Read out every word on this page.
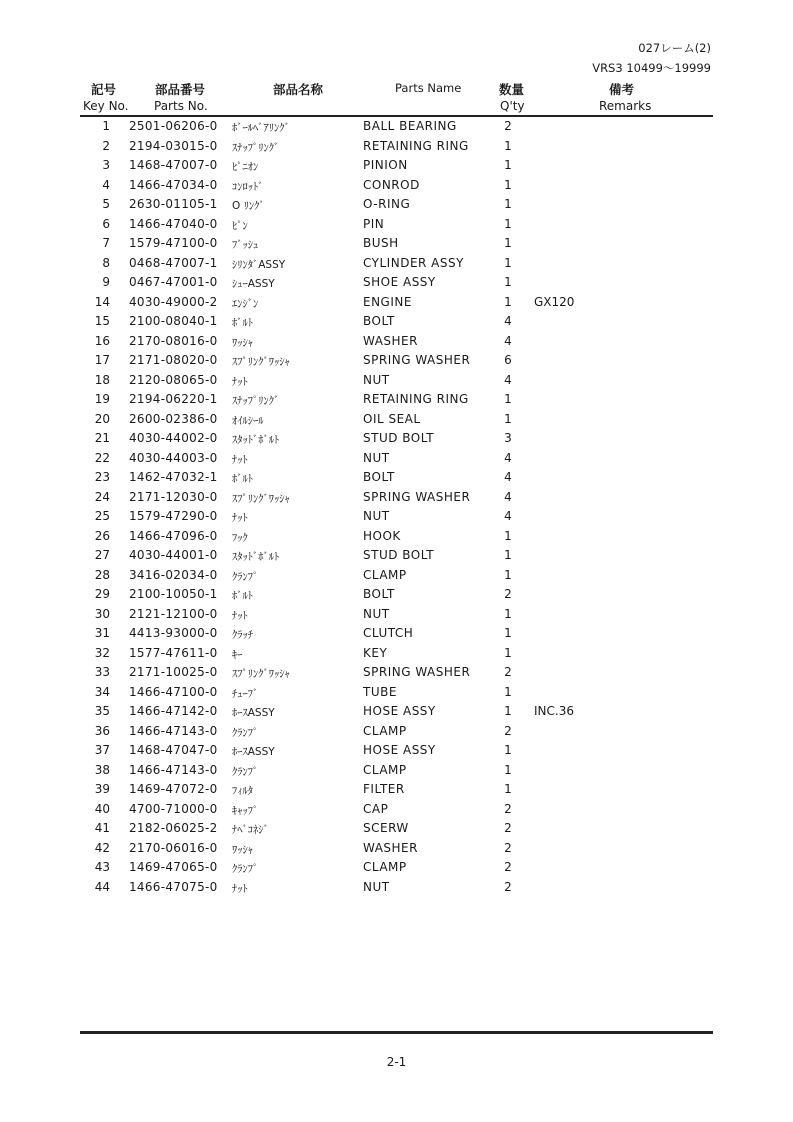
027レーム(2)
VRS3 10499～19999
記号	部品番号	部品名称	Parts Name	数量	備考
Key No. Parts No.	Q'ty	Remarks
1 2501-06206-0 ﾎﾞｰﾙﾍﾞｱﾘﾝｸﾞ	BALL BEARING	2
2 2194-03015-0 ｽﾅｯﾌﾟﾘﾝｸﾞ	RETAINING RING	1
3 1468-47007-0 ﾋﾟﾆｵﾝ	PINION	1
4 1466-47034-0 ｺﾝﾛｯﾄﾞ	CONROD	1
5 2630-01105-1 O ﾘﾝｸﾞ	O-RING	1
6 1466-47040-0 ﾋﾟﾝ	PIN	1
7 1579-47100-0 ﾌﾞｯｼｭ	BUSH	1
8 0468-47007-1 ｼﾘﾝﾀﾞASSY	CYLINDER ASSY	1
9 0467-47001-0 ｼｭｰASSY	SHOE ASSY	1
14 4030-49000-2 ｴﾝｼﾞﾝ	ENGINE	1	GX120
15 2100-08040-1 ﾎﾞﾙﾄ	BOLT	4
16 2170-08016-0 ﾜｯｼｬ	WASHER	4
17 2171-08020-0 ｽﾌﾟﾘﾝｸﾞﾜｯｼｬ	SPRING WASHER	6
18 2120-08065-0 ﾅｯﾄ	NUT	4
19 2194-06220-1 ｽﾅｯﾌﾟﾘﾝｸﾞ	RETAINING RING	1
20 2600-02386-0 ｵｲﾙｼｰﾙ	OIL SEAL	1
21 4030-44002-0 ｽﾀｯﾄﾞﾎﾞﾙﾄ	STUD BOLT	3
22 4030-44003-0 ﾅｯﾄ	NUT	4
23 1462-47032-1 ﾎﾞﾙﾄ	BOLT	4
24 2171-12030-0 ｽﾌﾟﾘﾝｸﾞﾜｯｼｬ	SPRING WASHER	4
25 1579-47290-0 ﾅｯﾄ	NUT	4
26 1466-47096-0 ﾌｯｸ	HOOK	1
27 4030-44001-0 ｽﾀｯﾄﾞﾎﾞﾙﾄ	STUD BOLT	1
28 3416-02034-0 ｸﾗﾝﾌﾟ	CLAMP	1
29 2100-10050-1 ﾎﾞﾙﾄ	BOLT	2
30 2121-12100-0 ﾅｯﾄ	NUT	1
31 4413-93000-0 ｸﾗｯﾁ	CLUTCH	1
32 1577-47611-0 ｷｰ	KEY	1
33 2171-10025-0 ｽﾌﾟﾘﾝｸﾞﾜｯｼｬ	SPRING WASHER	2
34 1466-47100-0 ﾁｭｰﾌﾞ	TUBE	1
35 1466-47142-0 ﾎｰｽASSY	HOSE ASSY	1	INC.36
36 1466-47143-0 ｸﾗﾝﾌﾟ	CLAMP	2
37 1468-47047-0 ﾎｰｽASSY	HOSE ASSY	1
38 1466-47143-0 ｸﾗﾝﾌﾟ	CLAMP	1
39 1469-47072-0 ﾌｨﾙﾀ	FILTER	1
40 4700-71000-0 ｷｬｯﾌﾟ	CAP	2
41 2182-06025-2 ﾅﾍﾞｺﾈｼﾞ	SCERW	2
42 2170-06016-0 ﾜｯｼｬ	WASHER	2
43 1469-47065-0 ｸﾗﾝﾌﾟ	CLAMP	2
44 1466-47075-0 ﾅｯﾄ	NUT	2
2-1
